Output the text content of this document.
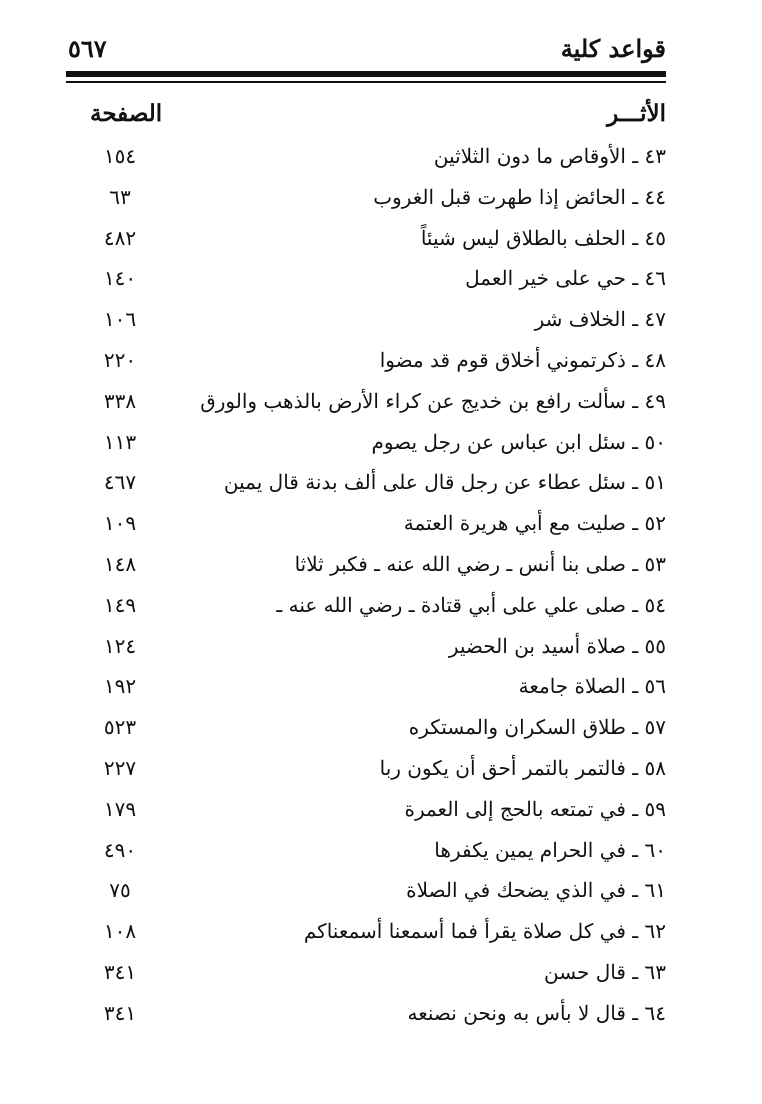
قواعد كلية
٥٦٧
الأثـــر
الصفحة
٤٣ ـ الأوقاص ما دون الثلاثين
١٥٤
٤٤ ـ الحائض إذا طهرت قبل الغروب
٦٣
٤٥ ـ الحلف بالطلاق ليس شيئاً
٤٨٢
٤٦ ـ حي على خير العمل
١٤٠
٤٧ ـ الخلاف شر
١٠٦
٤٨ ـ ذكرتموني أخلاق قوم قد مضوا
٢٢٠
٤٩ ـ سألت رافع بن خديج عن كراء الأرض بالذهب والورق
٣٣٨
٥٠ ـ سئل ابن عباس عن رجل يصوم
١١٣
٥١ ـ سئل عطاء عن رجل قال على ألف بدنة قال يمين
٤٦٧
٥٢ ـ صليت مع أبي هريرة العتمة
١٠٩
٥٣ ـ صلى بنا أنس ـ رضي الله عنه ـ فكبر ثلاثا
١٤٨
٥٤ ـ صلى علي على أبي قتادة ـ رضي الله عنه ـ
١٤٩
٥٥ ـ صلاة أسيد بن الحضير
١٢٤
٥٦ ـ الصلاة جامعة
١٩٢
٥٧ ـ طلاق السكران والمستكره
٥٢٣
٥٨ ـ فالتمر بالتمر أحق أن يكون ربا
٢٢٧
٥٩ ـ في تمتعه بالحج إلى العمرة
١٧٩
٦٠ ـ في الحرام يمين يكفرها
٤٩٠
٦١ ـ في الذي يضحك في الصلاة
٧٥
٦٢ ـ في كل صلاة يقرأ فما أسمعنا أسمعناكم
١٠٨
٦٣ ـ قال حسن
٣٤١
٦٤ ـ قال لا بأس به ونحن نصنعه
٣٤١
